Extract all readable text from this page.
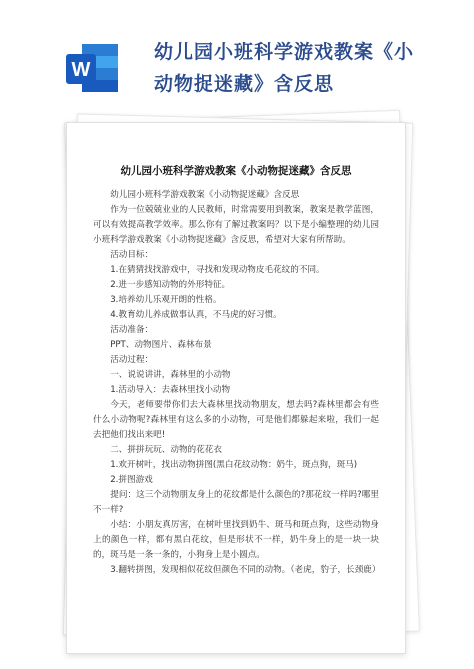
W
幼儿园小班科学游戏教案《小
动物捉迷藏》含反思
幼儿园小班科学游戏教案《小动物捉迷藏》含反思

幼儿园小班科学游戏教案《小动物捉迷藏》含反思

作为一位兢兢业业的人民教师，时常需要用到教案，教案是教学蓝图，可以有效提高教学效率。那么你有了解过教案吗？以下是小编整理的幼儿园小班科学游戏教案《小动物捉迷藏》含反思，希望对大家有所帮助。

活动目标：

1.在猜猜找找游戏中，寻找和发现动物皮毛花纹的不同。

2.进一步感知动物的外形特征。

3.培养幼儿乐观开朗的性格。

4.教育幼儿养成做事认真，不马虎的好习惯。

活动准备：

PPT、动物图片、森林布景

活动过程：

一、说说讲讲，森林里的小动物

1.活动导入：去森林里找小动物

今天，老师要带你们去大森林里找动物朋友，想去吗?森林里都会有些什么小动物呢?森林里有这么多的小动物，可是他们都躲起来啦，我们一起去把他们找出来吧!

二、拼拼玩玩、动物的花花衣

1.欢开树叶，找出动物拼图(黑白花纹动物：奶牛，斑点狗，斑马)

2.拼图游戏

提问：这三个动物朋友身上的花纹都是什么颜色的?那花纹一样吗?哪里不一样?

小结：小朋友真厉害，在树叶里找到奶牛、斑马和斑点狗，这些动物身上的颜色一样，都有黑白花纹，但是形状不一样，奶牛身上的是一块一块的，斑马是一条一条的，小狗身上是小圆点。

3.翻转拼图，发现相似花纹但颜色不同的动物。（老虎，豹子，长颈鹿）
